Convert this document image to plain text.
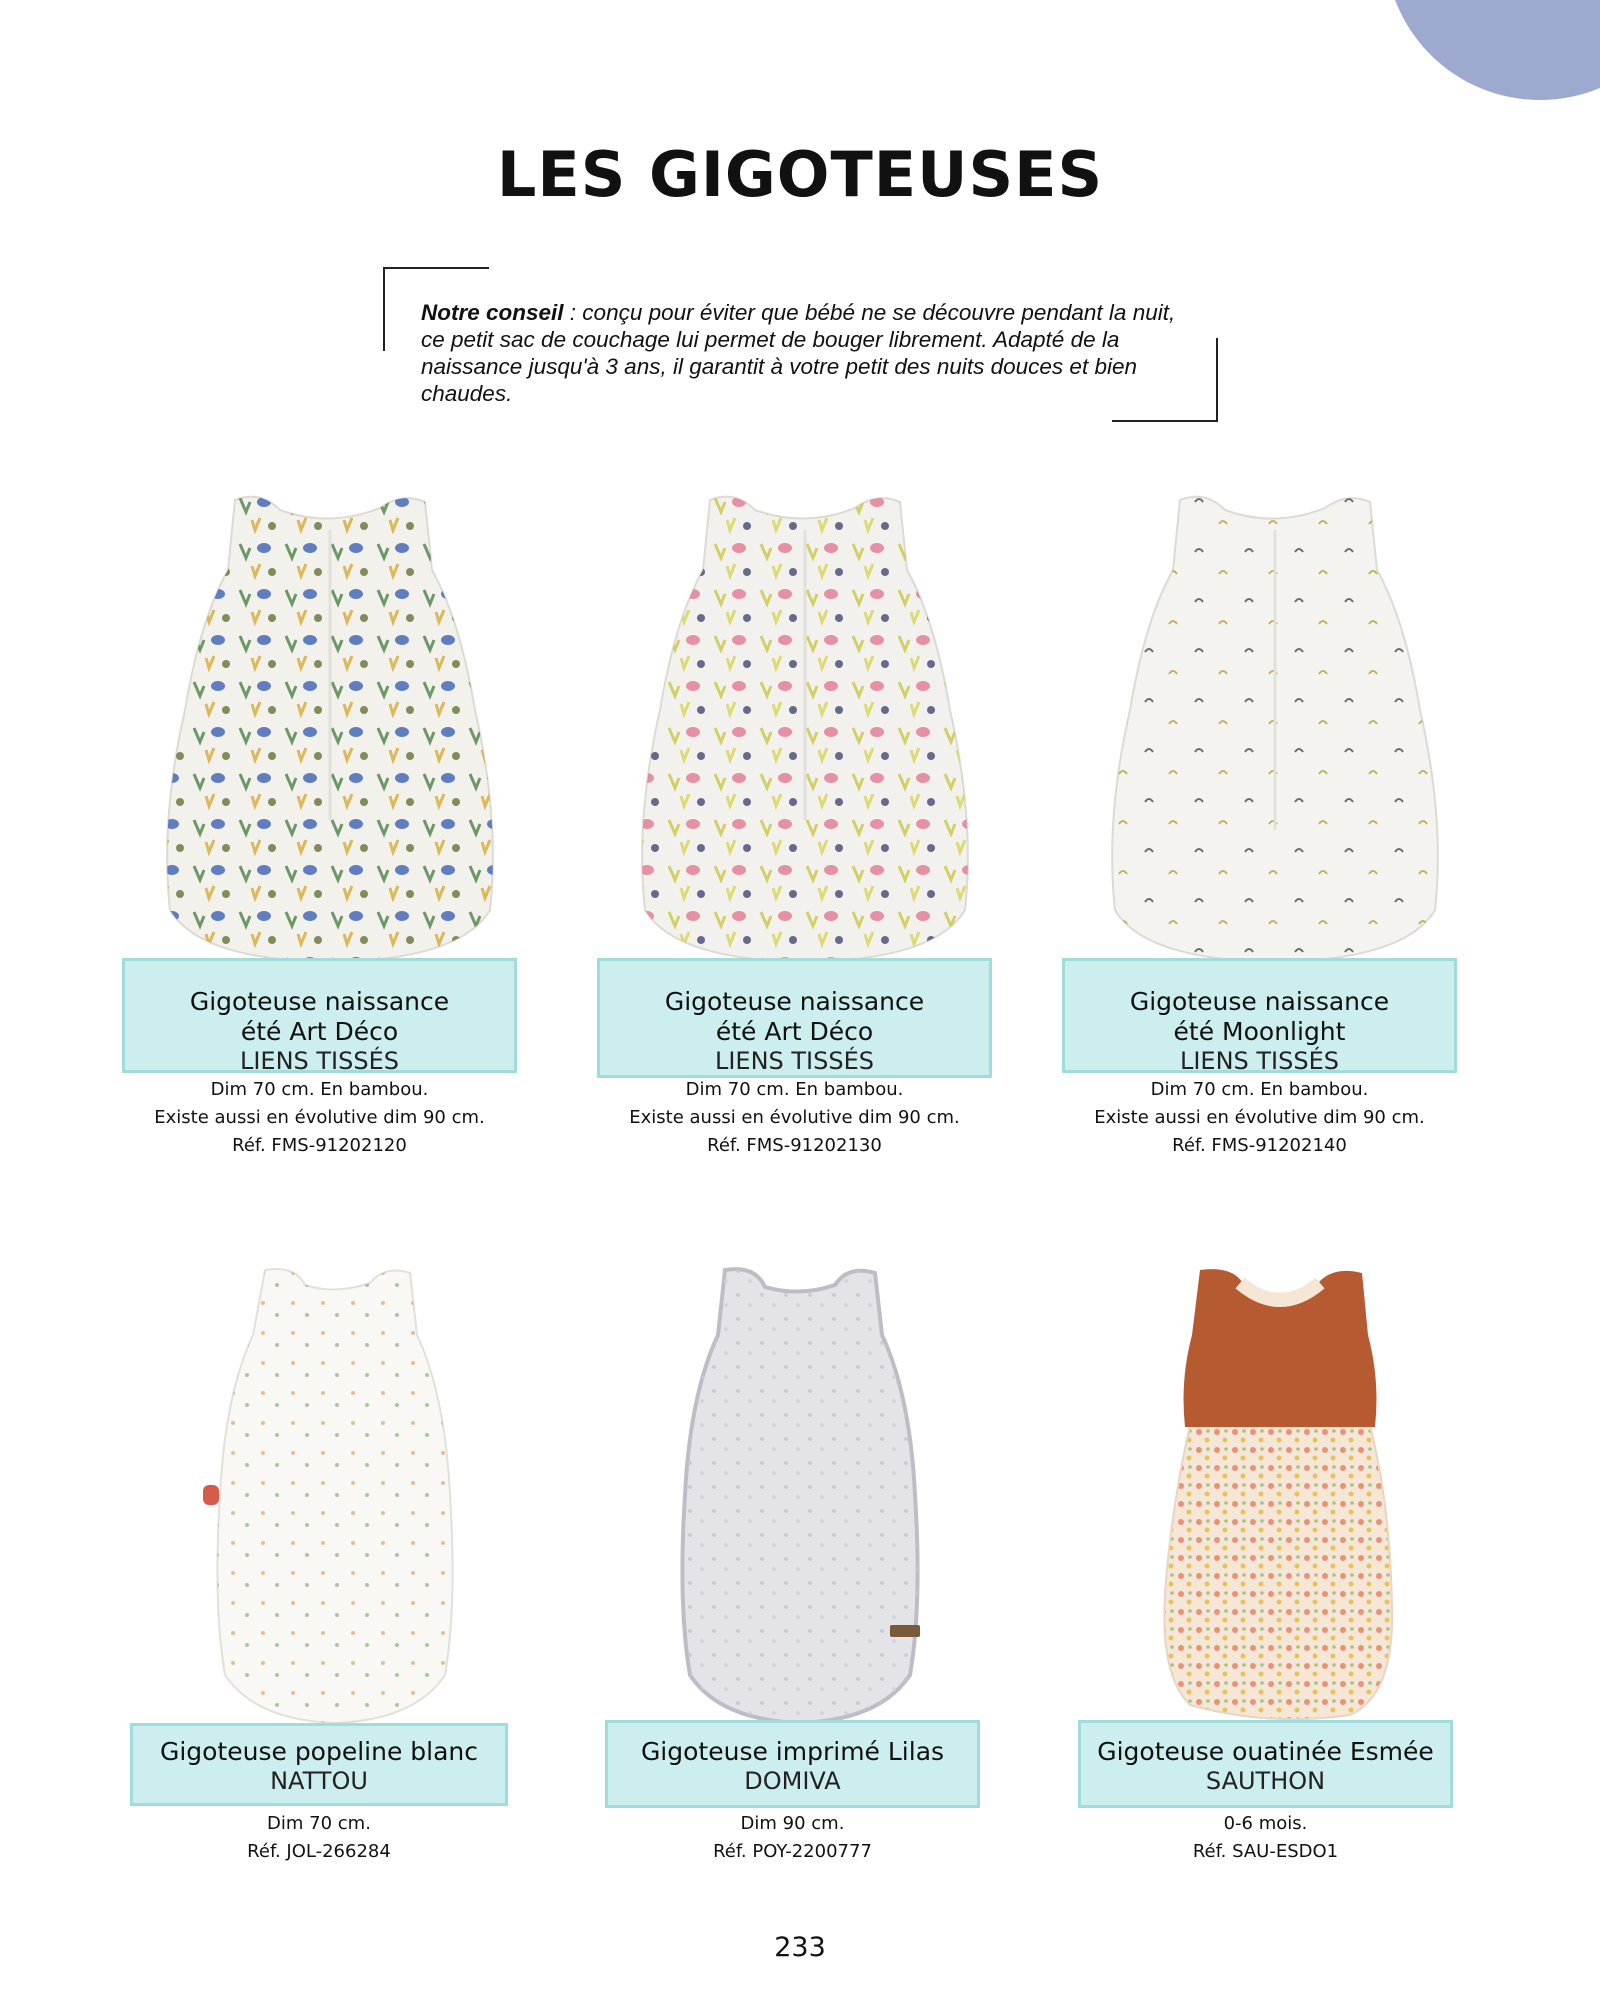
LES GIGOTEUSES

Notre conseil : conçu pour éviter que bébé ne se découvre pendant la nuit, ce petit sac de couchage lui permet de bouger librement. Adapté de la naissance jusqu'à 3 ans, il garantit à votre petit des nuits douces et bien chaudes.

Gigoteuse naissance été Art Déco
LIENS TISSÉS
Dim 70 cm. En bambou.
Existe aussi en évolutive dim 90 cm.
Réf. FMS-91202120
Gigoteuse naissance été Art Déco
LIENS TISSÉS
Dim 70 cm. En bambou.
Existe aussi en évolutive dim 90 cm.
Réf. FMS-91202130
Gigoteuse naissance été Moonlight
LIENS TISSÉS
Dim 70 cm. En bambou.
Existe aussi en évolutive dim 90 cm.
Réf. FMS-91202140
Gigoteuse popeline blanc
NATTOU
Dim 70 cm.
Réf. JOL-266284
Gigoteuse imprimé Lilas
DOMIVA
Dim 90 cm.
Réf. POY-2200777
Gigoteuse ouatinée Esmée
SAUTHON
0-6 mois.
Réf. SAU-ESDO1
233
